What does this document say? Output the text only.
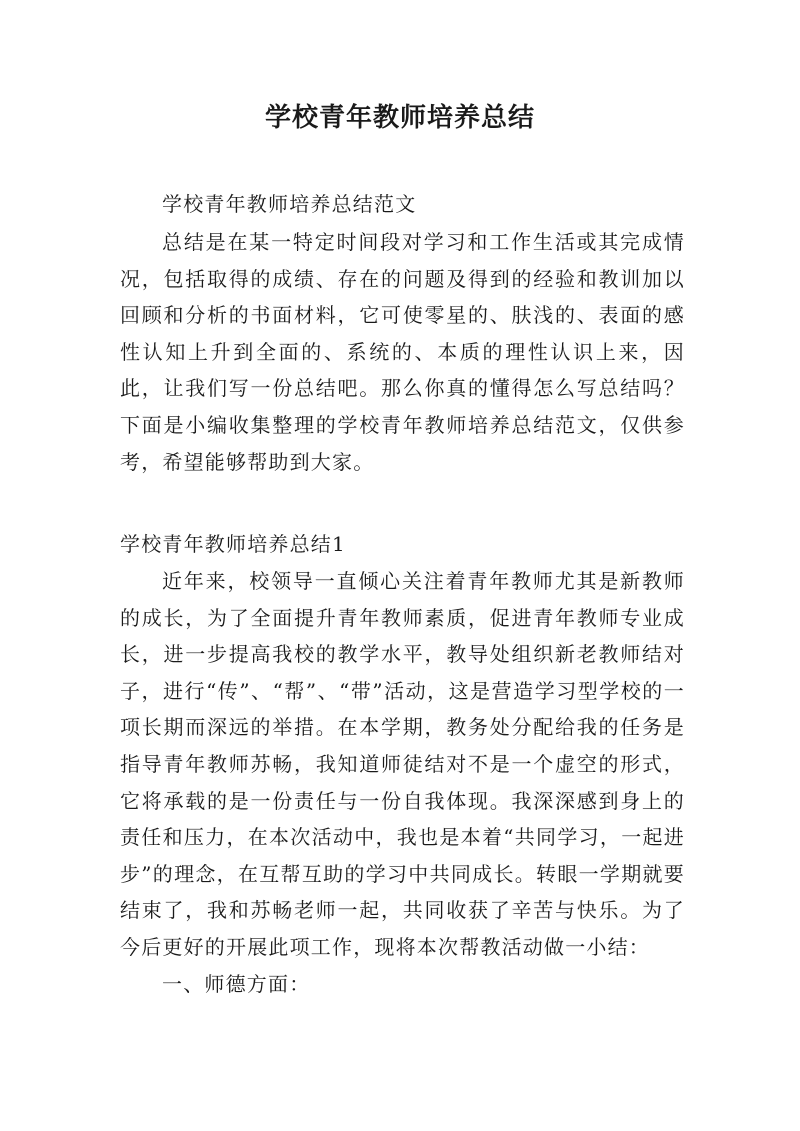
学校青年教师培养总结
学校青年教师培养总结范文

总结是在某一特定时间段对学习和工作生活或其完成情况，包括取得的成绩、存在的问题及得到的经验和教训加以回顾和分析的书面材料，它可使零星的、肤浅的、表面的感性认知上升到全面的、系统的、本质的理性认识上来，因此，让我们写一份总结吧。那么你真的懂得怎么写总结吗？下面是小编收集整理的学校青年教师培养总结范文，仅供参考，希望能够帮助到大家。

学校青年教师培养总结1

近年来，校领导一直倾心关注着青年教师尤其是新教师的成长，为了全面提升青年教师素质，促进青年教师专业成长，进一步提高我校的教学水平，教导处组织新老教师结对子，进行“传”、“帮”、“带”活动，这是营造学习型学校的一项长期而深远的举措。在本学期，教务处分配给我的任务是指导青年教师苏畅，我知道师徒结对不是一个虚空的形式，它将承载的是一份责任与一份自我体现。我深深感到身上的责任和压力，在本次活动中，我也是本着“共同学习，一起进步”的理念，在互帮互助的学习中共同成长。转眼一学期就要结束了，我和苏畅老师一起，共同收获了辛苦与快乐。为了今后更好的开展此项工作，现将本次帮教活动做一小结：

一、师德方面：
